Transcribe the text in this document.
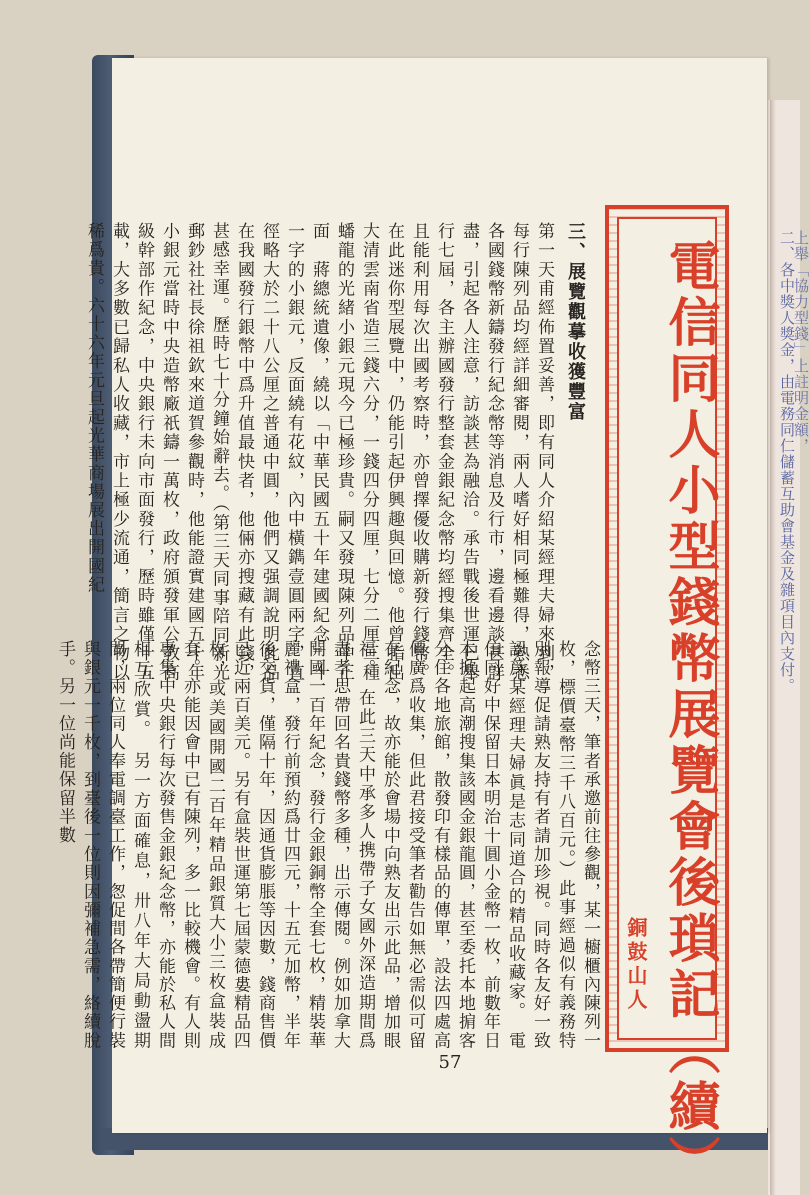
二、各中獎人獎金，由電務同仁儲蓄互助會基金及雜項目內支付。
上舉「協力型錢」上註明金額，
電信同人小型錢幣展覽會後瑣記（續）
銅鼓山人
三、展覽觀摹收獲豐富
第一天甫經佈置妥善，即有同人介紹某經理夫婦來到，每行陳列品均經詳細審閱，兩人嗜好相同極難得，熟悉各國錢幣新鑄發行紀念幣等消息及行市，邊看邊談甚詳盡，引起各人注意，訪談甚為融洽。承告戰後世運已舉行七屆，各主辦國發行整套金銀紀念幣均經搜集齊全。且能利用每次出國考察時，亦曾擇優收購新發行錢幣。在此迷你型展覽中，仍能引起伊興趣與回憶。他曾指出大清雲南省造三錢六分，一錢四分四厘，七分二厘三種蟠龍的光緒小銀元現今已極珍貴。嗣又發現陳列品中正面　蔣總統遺像，繞以「中華民國五十年建國紀念」十一字的小銀元，反面繞有花紋，內中橫鐫壹圓兩字，直徑略大於二十八公厘之普通中圓，他們又强調說明此品在我國發行銀幣中爲升值最快者，他倆亦搜藏有此錢，甚感幸運。歷時七十分鐘始辭去。（第三天同事陪同新光郵鈔社社長徐祖欽來道賀參觀時，他能證實建國五十年小銀元當時中央造幣廠祇鑄一萬枚，政府頒發軍公教高級幹部作紀念，中央銀行未向市面發行，歷時雖僅十五載，大多數已歸私人收藏，市上極少流通，簡言之物以稀爲貴。六十六年元旦起光華商場展出開國紀
念幣三天，筆者承邀前往參觀，某一櫥櫃內陳列一枚，標價臺幣三千八百元。）此事經過似有義務特別報導促請熟友持有者請加珍視。同時各友好一致認爲某經理夫婦眞是志同道合的精品收藏家。　電信同好中保留日本明治十圓小金幣一枚，前數年日本掀起高潮搜集該國金銀龍圓，甚至委托本地掮客分住各地旅館，散發印有樣品的傳單，設法四處高價廣爲收集，但此君接受筆者勸告如無必需似可留存紀念，故亦能於會場中向熟友出示此品，增加眼福。　在此三天中承多人携帶子女國外深造期間爲盡孝思帶回名貴錢幣多種，出示傳閱。例如加拿大開國一百年紀念，發行金銀銅幣全套七枚，精裝華麗禮盒，發行前預約爲廿四元，十五元加幣，半年後交貨，僅隔十年，因通貨膨脹等因數，錢商售價已近兩百美元。另有盒裝世運第七屆蒙德婁精品四枚，或美國開國二百年精品銀質大小三枚盒裝成套。亦能因會中已有陳列，多一比較機會。有人則專集中央銀行每次發售金銀紀念幣，亦能於私人間相互欣賞。　另一方面確息，卅八年大局動盪期間，兩位同人奉電調臺工作，怱促間各帶簡便行裝與銀元一千枚，到臺後一位則因彌補急需，絡續脫手。另一位尚能保留半數
57
